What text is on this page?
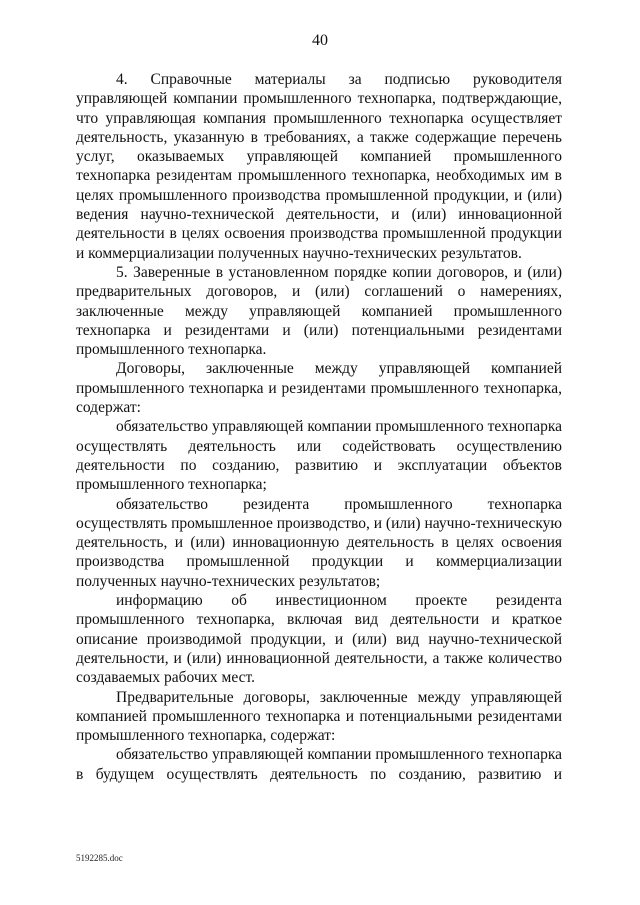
40

4. Справочные материалы за подписью руководителя управляющей компании промышленного технопарка, подтверждающие, что управляющая компания промышленного технопарка осуществляет деятельность, указанную в требованиях, а также содержащие перечень услуг, оказываемых управляющей компанией промышленного технопарка резидентам промышленного технопарка, необходимых им в целях промышленного производства промышленной продукции, и (или) ведения научно-технической деятельности, и (или) инновационной деятельности в целях освоения производства промышленной продукции и коммерциализации полученных научно-технических результатов.

5. Заверенные в установленном порядке копии договоров, и (или) предварительных договоров, и (или) соглашений о намерениях, заключенные между управляющей компанией промышленного технопарка и резидентами и (или) потенциальными резидентами промышленного технопарка.

Договоры, заключенные между управляющей компанией промышленного технопарка и резидентами промышленного технопарка, содержат:

обязательство управляющей компании промышленного технопарка осуществлять деятельность или содействовать осуществлению деятельности по созданию, развитию и эксплуатации объектов промышленного технопарка;

обязательство резидента промышленного технопарка осуществлять промышленное производство, и (или) научно-техническую деятельность, и (или) инновационную деятельность в целях освоения производства промышленной продукции и коммерциализации полученных научно-технических результатов;

информацию об инвестиционном проекте резидента промышленного технопарка, включая вид деятельности и краткое описание производимой продукции, и (или) вид научно-технической деятельности, и (или) инновационной деятельности, а также количество создаваемых рабочих мест.

Предварительные договоры, заключенные между управляющей компанией промышленного технопарка и потенциальными резидентами промышленного технопарка, содержат:

обязательство управляющей компании промышленного технопарка в будущем осуществлять деятельность по созданию, развитию и

5192285.doc
